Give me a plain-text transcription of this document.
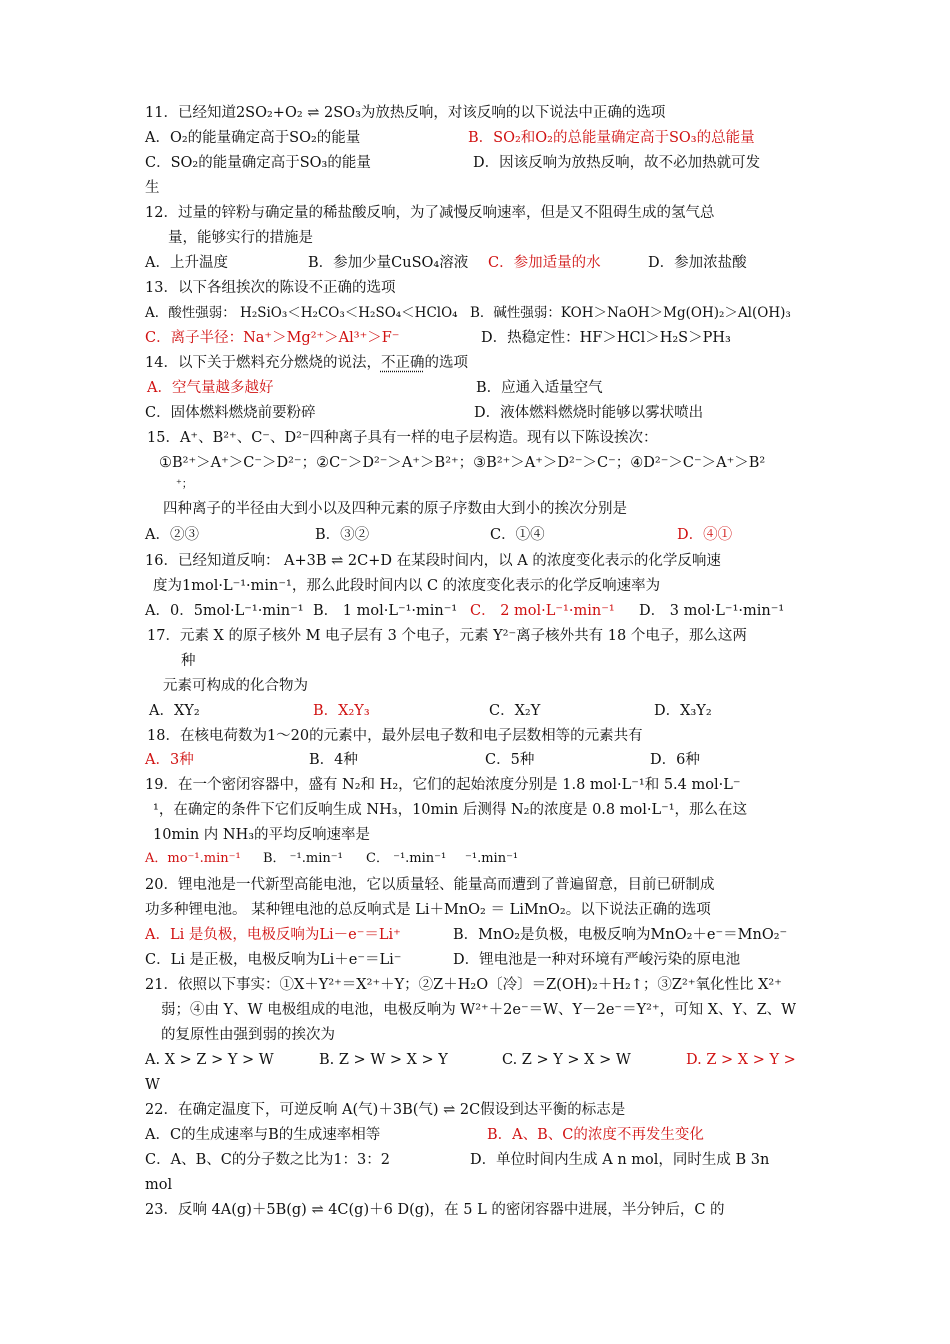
11．已经知道2SO₂+O₂ ⇌ 2SO₃为放热反响，对该反响的以下说法中正确的选项
A．O₂的能量确定高于SO₂的能量	B．SO₂和O₂的总能量确定高于SO₃的总能量
C．SO₂的能量确定高于SO₃的能量	D．因该反响为放热反响，故不必加热就可发
生
12．过量的锌粉与确定量的稀盐酸反响，为了减慢反响速率，但是又不阻碍生成的氢气总
量，能够实行的措施是
A．上升温度	B．参加少量CuSO₄溶液 C．参加适量的水	D．参加浓盐酸
13．以下各组挨次的陈设不正确的选项
A．酸性强弱： H₂SiO₃＜H₂CO₃＜H₂SO₄＜HClO₄ B．碱性强弱：KOH＞NaOH＞Mg(OH)₂＞Al(OH)₃
C．离子半径：Na⁺＞Mg²⁺＞Al³⁺＞F⁻	D．热稳定性：HF＞HCl＞H₂S＞PH₃
14．以下关于燃料充分燃烧的说法，不正确的选项
A．空气量越多越好	B．应通入适量空气
C．固体燃料燃烧前要粉碎	D．液体燃料燃烧时能够以雾状喷出
15．A⁺、B²⁺、C⁻、D²⁻四种离子具有一样的电子层构造。现有以下陈设挨次：
①B²⁺＞A⁺＞C⁻＞D²⁻；②C⁻＞D²⁻＞A⁺＞B²⁺；③B²⁺＞A⁺＞D²⁻＞C⁻；④D²⁻＞C⁻＞A⁺＞B²
⁺；
四种离子的半径由大到小以及四种元素的原子序数由大到小的挨次分别是
A．②③	B．③②	C．①④	D．④①
16．已经知道反响： A+3B ⇌ 2C+D 在某段时间内，以 A 的浓度变化表示的化学反响速
度为1mol·L⁻¹·min⁻¹，那么此段时间内以 C 的浓度变化表示的化学反响速率为
A．0．5mol·L⁻¹·min⁻¹ B． 1 mol·L⁻¹·min⁻¹ C． 2 mol·L⁻¹·min⁻¹ D． 3 mol·L⁻¹·min⁻¹
17．元素 X 的原子核外 M 电子层有 3 个电子，元素 Y²⁻离子核外共有 18 个电子，那么这两
种
元素可构成的化合物为
A．XY₂	B．X₂Y₃	C．X₂Y	D．X₃Y₂
18．在核电荷数为1～20的元素中，最外层电子数和电子层数相等的元素共有
A．3种	B．4种	C．5种	D．6种
19．在一个密闭容器中，盛有 N₂和 H₂，它们的起始浓度分别是 1.8 mol·L⁻¹和 5.4 mol·L⁻
¹，在确定的条件下它们反响生成 NH₃，10min 后测得 N₂的浓度是 0.8 mol·L⁻¹，那么在这
10min 内 NH₃的平均反响速率是
A．mo⁻¹.min⁻¹ B． ⁻¹.min⁻¹ C． ⁻¹.min⁻¹ ⁻¹.min⁻¹
20．锂电池是一代新型高能电池，它以质量轻、能量高而遭到了普遍留意，目前已研制成
功多种锂电池。 某种锂电池的总反响式是 Li＋MnO₂ ＝ LiMnO₂。以下说法正确的选项
A．Li 是负极，电极反响为Li－e⁻＝Li⁺	B．MnO₂是负极，电极反响为MnO₂＋e⁻＝MnO₂⁻
C．Li 是正极，电极反响为Li＋e⁻＝Li⁻	D．锂电池是一种对环境有严峻污染的原电池
21．依照以下事实：①X＋Y²⁺＝X²⁺＋Y；②Z＋H₂O〔冷〕＝Z(OH)₂＋H₂↑；③Z²⁺氧化性比 X²⁺
弱；④由 Y、W 电极组成的电池，电极反响为 W²⁺＋2e⁻＝W、Y－2e⁻＝Y²⁺，可知 X、Y、Z、W
的复原性由强到弱的挨次为
A. X > Z > Y > W	B. Z > W > X > Y	C. Z > Y > X > W	D. Z > X > Y >
W
22．在确定温度下，可逆反响 A(气)＋3B(气) ⇌ 2C假设到达平衡的标志是
A．C的生成速率与B的生成速率相等	B．A、B、C的浓度不再发生变化
C．A、B、C的分子数之比为1：3：2	D．单位时间内生成 A n mol，同时生成 B 3n
mol
23．反响 4A(g)＋5B(g) ⇌ 4C(g)＋6 D(g)，在 5 L 的密闭容器中进展，半分钟后，C 的
